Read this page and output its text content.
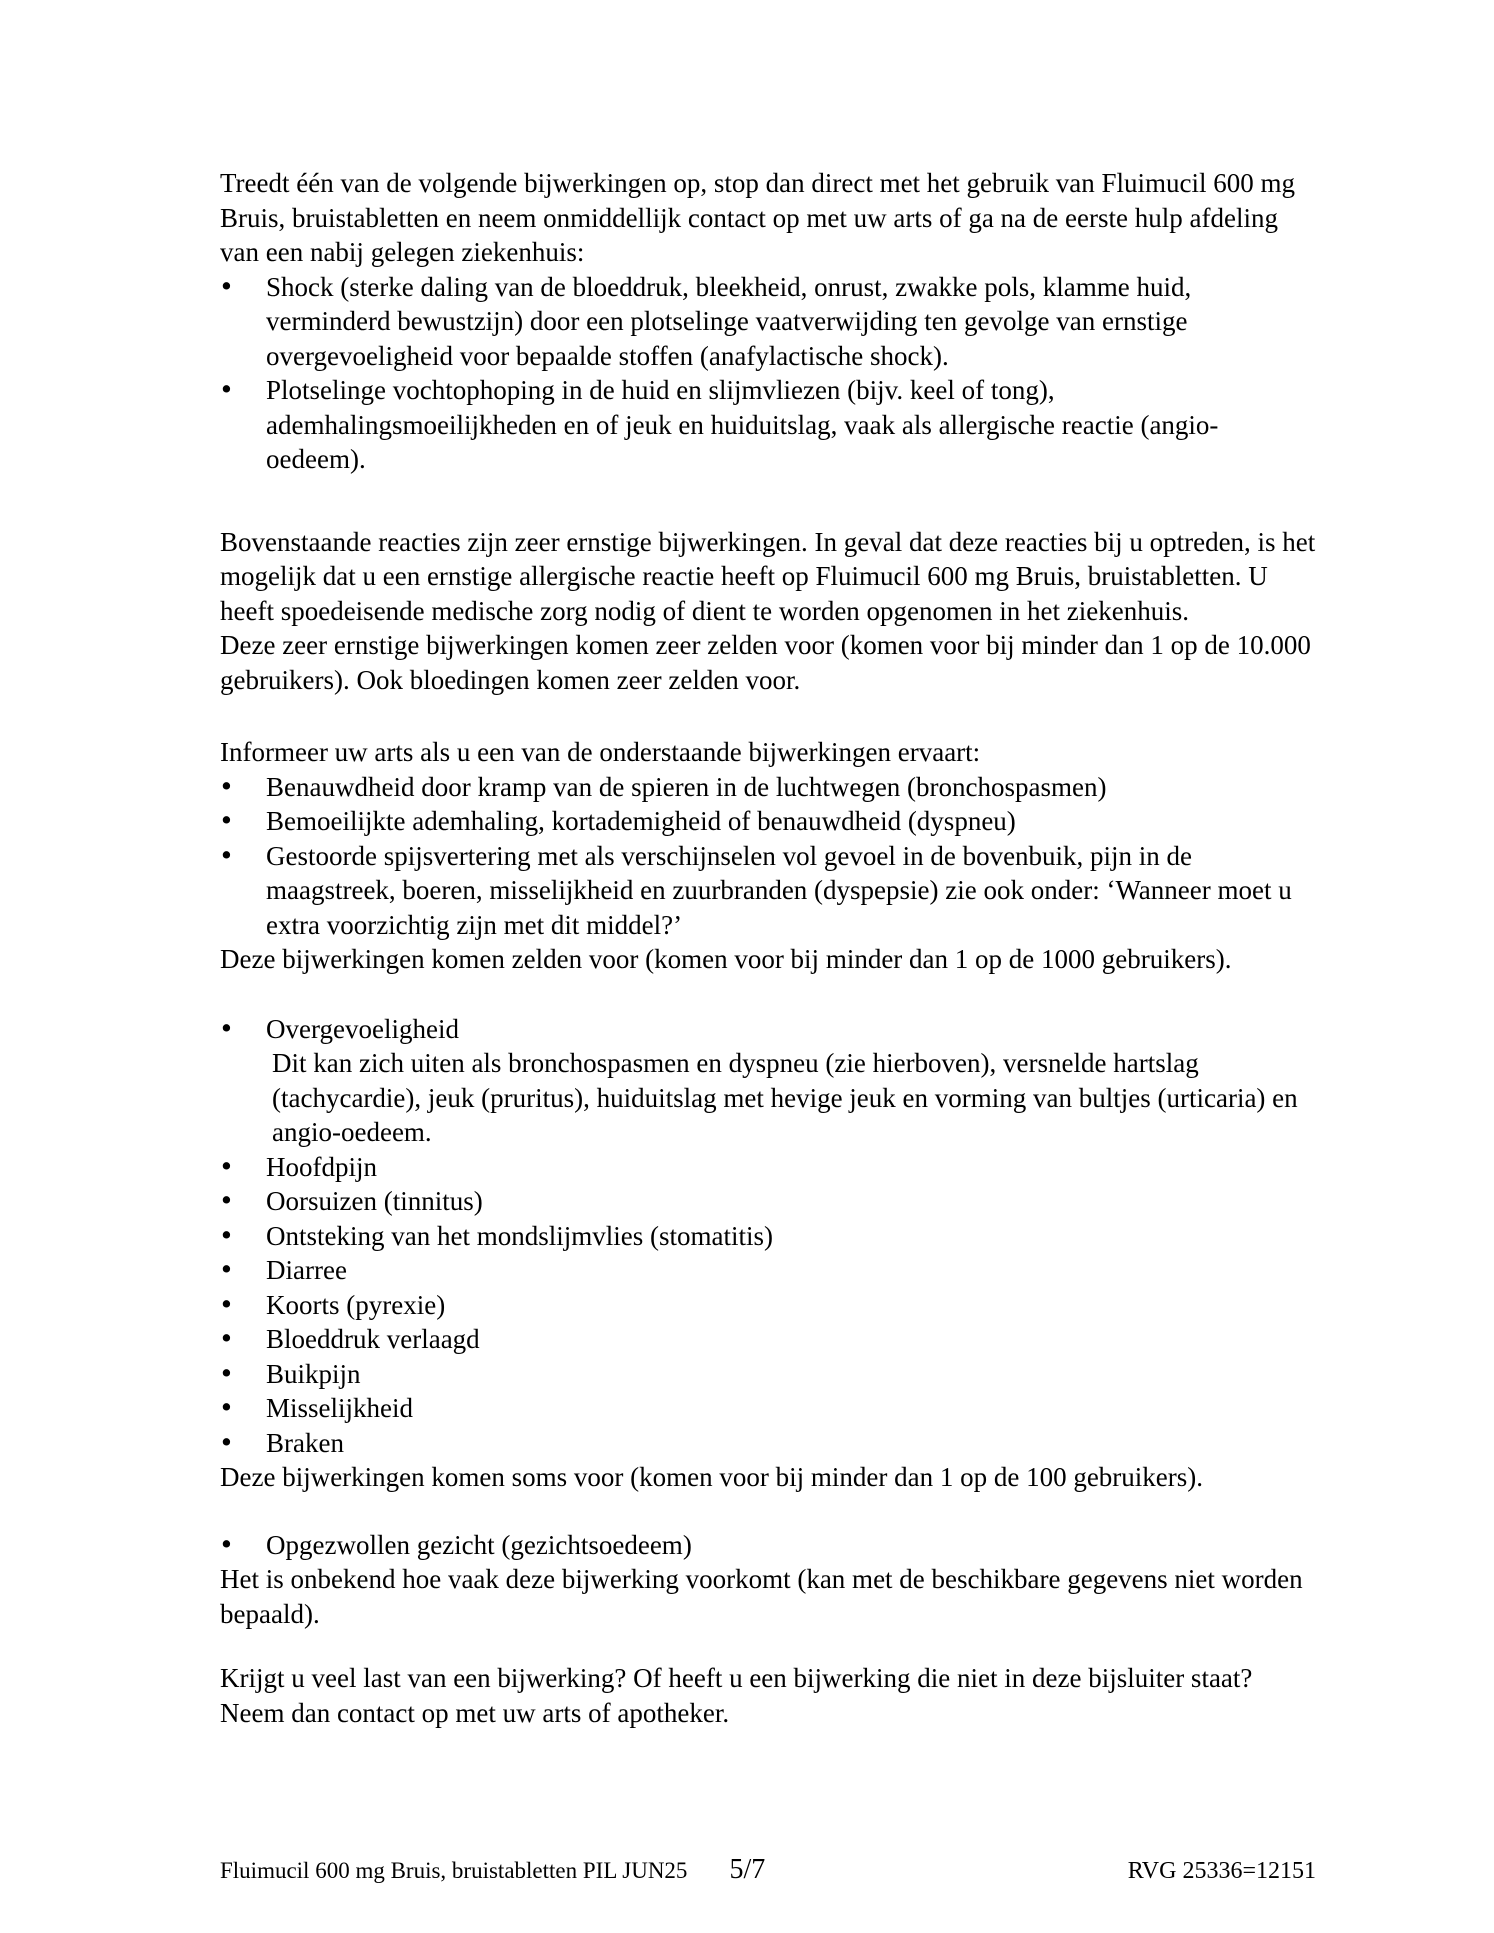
Treedt één van de volgende bijwerkingen op, stop dan direct met het gebruik van Fluimucil 600 mg Bruis, bruistabletten en neem onmiddellijk contact op met uw arts of ga na de eerste hulp afdeling van een nabij gelegen ziekenhuis:

• Shock (sterke daling van de bloeddruk, bleekheid, onrust, zwakke pols, klamme huid, verminderd bewustzijn) door een plotselinge vaatverwijding ten gevolge van ernstige overgevoeligheid voor bepaalde stoffen (anafylactische shock).
• Plotselinge vochtophoping in de huid en slijmvliezen (bijv. keel of tong), ademhalingsmoeilijkheden en of jeuk en huiduitslag, vaak als allergische reactie (angio-oedeem).

Bovenstaande reacties zijn zeer ernstige bijwerkingen. In geval dat deze reacties bij u optreden, is het mogelijk dat u een ernstige allergische reactie heeft op Fluimucil 600 mg Bruis, bruistabletten. U heeft spoedeisende medische zorg nodig of dient te worden opgenomen in het ziekenhuis.

Deze zeer ernstige bijwerkingen komen zeer zelden voor (komen voor bij minder dan 1 op de 10.000 gebruikers). Ook bloedingen komen zeer zelden voor.

Informeer uw arts als u een van de onderstaande bijwerkingen ervaart:

• Benauwdheid door kramp van de spieren in de luchtwegen (bronchospasmen)
• Bemoeilijkte ademhaling, kortademigheid of benauwdheid (dyspneu)
• Gestoorde spijsvertering met als verschijnselen vol gevoel in de bovenbuik, pijn in de maagstreek, boeren, misselijkheid en zuurbranden (dyspepsie) zie ook onder: ‘Wanneer moet u extra voorzichtig zijn met dit middel?’

Deze bijwerkingen komen zelden voor (komen voor bij minder dan 1 op de 1000 gebruikers).

• Overgevoeligheid
Dit kan zich uiten als bronchospasmen en dyspneu (zie hierboven), versnelde hartslag (tachycardie), jeuk (pruritus), huiduitslag met hevige jeuk en vorming van bultjes (urticaria) en angio-oedeem.
• Hoofdpijn
• Oorsuizen (tinnitus)
• Ontsteking van het mondslijmvlies (stomatitis)
• Diarree
• Koorts (pyrexie)
• Bloeddruk verlaagd
• Buikpijn
• Misselijkheid
• Braken

Deze bijwerkingen komen soms voor (komen voor bij minder dan 1 op de 100 gebruikers).

• Opgezwollen gezicht (gezichtsoedeem)

Het is onbekend hoe vaak deze bijwerking voorkomt (kan met de beschikbare gegevens niet worden bepaald).

Krijgt u veel last van een bijwerking? Of heeft u een bijwerking die niet in deze bijsluiter staat? Neem dan contact op met uw arts of apotheker.

Fluimucil 600 mg Bruis, bruistabletten PIL JUN25 5/7	RVG 25336=12151
